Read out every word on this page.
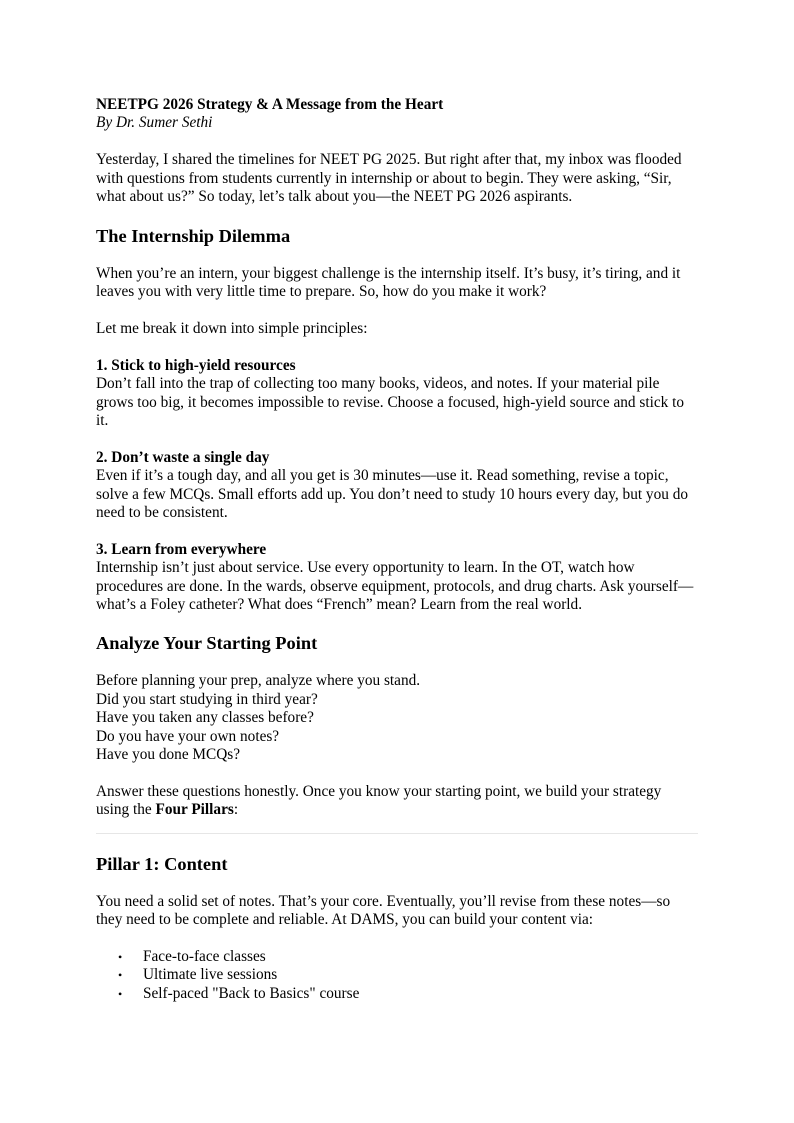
NEETPG 2026 Strategy & A Message from the Heart
By Dr. Sumer Sethi

Yesterday, I shared the timelines for NEET PG 2025. But right after that, my inbox was flooded with questions from students currently in internship or about to begin. They were asking, “Sir, what about us?” So today, let’s talk about you—the NEET PG 2026 aspirants.

The Internship Dilemma

When you’re an intern, your biggest challenge is the internship itself. It’s busy, it’s tiring, and it leaves you with very little time to prepare. So, how do you make it work?

Let me break it down into simple principles:

1. Stick to high-yield resources
Don’t fall into the trap of collecting too many books, videos, and notes. If your material pile grows too big, it becomes impossible to revise. Choose a focused, high-yield source and stick to it.

2. Don’t waste a single day
Even if it’s a tough day, and all you get is 30 minutes—use it. Read something, revise a topic, solve a few MCQs. Small efforts add up. You don’t need to study 10 hours every day, but you do need to be consistent.

3. Learn from everywhere
Internship isn’t just about service. Use every opportunity to learn. In the OT, watch how procedures are done. In the wards, observe equipment, protocols, and drug charts. Ask yourself—what’s a Foley catheter? What does “French” mean? Learn from the real world.

Analyze Your Starting Point

Before planning your prep, analyze where you stand.
Did you start studying in third year?
Have you taken any classes before?
Do you have your own notes?
Have you done MCQs?

Answer these questions honestly. Once you know your starting point, we build your strategy using the Four Pillars:

Pillar 1: Content

You need a solid set of notes. That’s your core. Eventually, you’ll revise from these notes—so they need to be complete and reliable. At DAMS, you can build your content via:

• Face-to-face classes
• Ultimate live sessions
• Self-paced "Back to Basics" course
